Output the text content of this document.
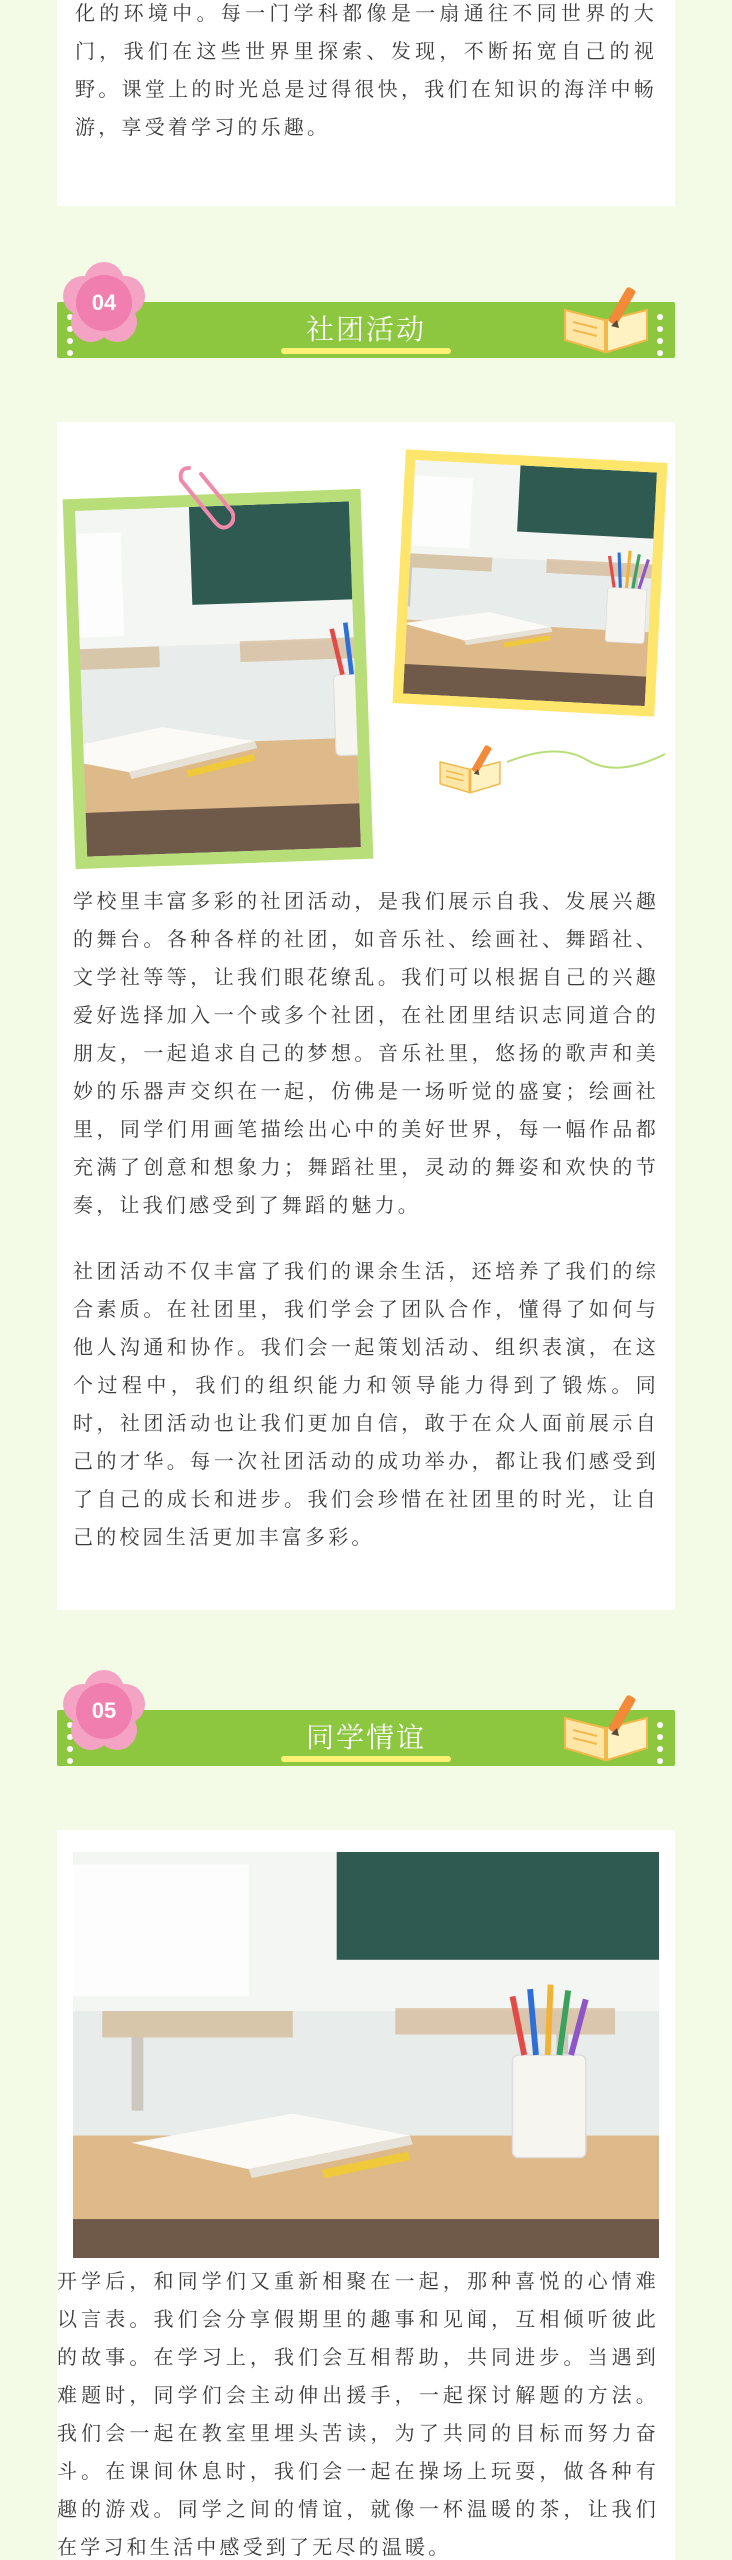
化的环境中。每一门学科都像是一扇通往不同世界的大门，我们在这些世界里探索、发现，不断拓宽自己的视野。课堂上的时光总是过得很快，我们在知识的海洋中畅游，享受着学习的乐趣。

04
社团活动

学校里丰富多彩的社团活动，是我们展示自我、发展兴趣的舞台。各种各样的社团，如音乐社、绘画社、舞蹈社、文学社等等，让我们眼花缭乱。我们可以根据自己的兴趣爱好选择加入一个或多个社团，在社团里结识志同道合的朋友，一起追求自己的梦想。音乐社里，悠扬的歌声和美妙的乐器声交织在一起，仿佛是一场听觉的盛宴；绘画社里，同学们用画笔描绘出心中的美好世界，每一幅作品都充满了创意和想象力；舞蹈社里，灵动的舞姿和欢快的节奏，让我们感受到了舞蹈的魅力。

社团活动不仅丰富了我们的课余生活，还培养了我们的综合素质。在社团里，我们学会了团队合作，懂得了如何与他人沟通和协作。我们会一起策划活动、组织表演，在这个过程中，我们的组织能力和领导能力得到了锻炼。同时，社团活动也让我们更加自信，敢于在众人面前展示自己的才华。每一次社团活动的成功举办，都让我们感受到了自己的成长和进步。我们会珍惜在社团里的时光，让自己的校园生活更加丰富多彩。

05
同学情谊

开学后，和同学们又重新相聚在一起，那种喜悦的心情难以言表。我们会分享假期里的趣事和见闻，互相倾听彼此的故事。在学习上，我们会互相帮助，共同进步。当遇到难题时，同学们会主动伸出援手，一起探讨解题的方法。我们会一起在教室里埋头苦读，为了共同的目标而努力奋斗。在课间休息时，我们会一起在操场上玩耍，做各种有趣的游戏。同学之间的情谊，就像一杯温暖的茶，让我们在学习和生活中感受到了无尽的温暖。
